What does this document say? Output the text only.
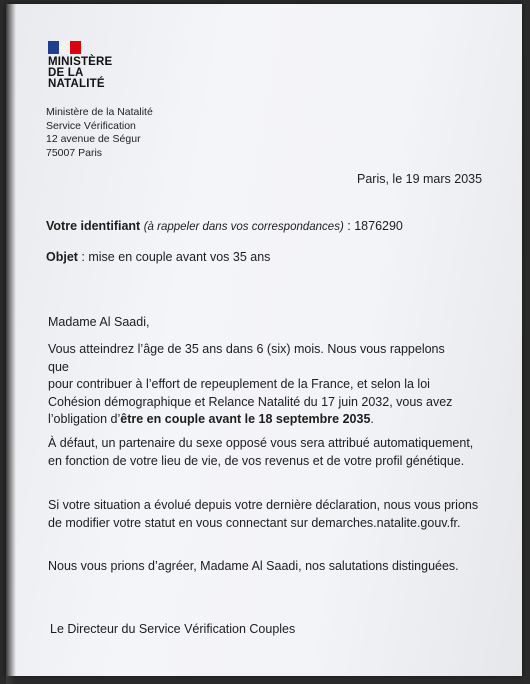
MINISTÈRE
DE LA
NATALITÉ
Ministère de la Natalité
Service Vérification
12 avenue de Ségur
75007 Paris
Paris, le 19 mars 2035
Votre identifiant (à rappeler dans vos correspondances) : 1876290
Objet : mise en couple avant vos 35 ans
Madame Al Saadi,
Vous atteindrez l’âge de 35 ans dans 6 (six) mois. Nous vous rappelons que
pour contribuer à l’effort de repeuplement de la France, et selon la loi
Cohésion démographique et Relance Natalité du 17 juin 2032, vous avez
l’obligation d’être en couple avant le 18 septembre 2035.
À défaut, un partenaire du sexe opposé vous sera attribué automatiquement,
en fonction de votre lieu de vie, de vos revenus et de votre profil génétique.
Si votre situation a évolué depuis votre dernière déclaration, nous vous prions
de modifier votre statut en vous connectant sur demarches.natalite.gouv.fr.
Nous vous prions d’agréer, Madame Al Saadi, nos salutations distinguées.
Le Directeur du Service Vérification Couples
